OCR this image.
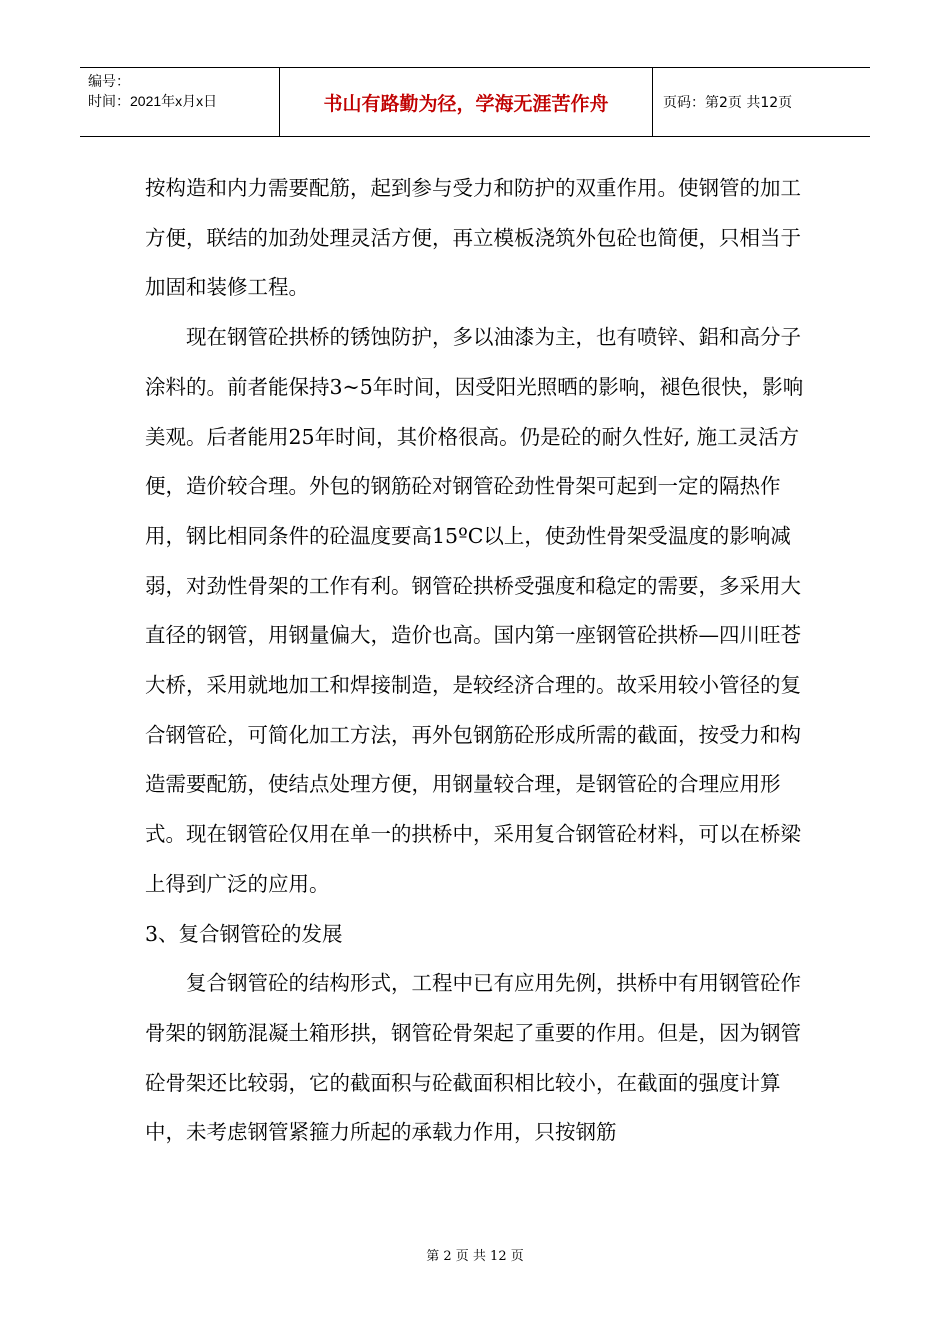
编号：
时间：2021年x月x日	书山有路勤为径，学海无涯苦作舟	页码：第2页 共12页

按构造和内力需要配筋，起到参与受力和防护的双重作用。使钢管的加工方便，联结的加劲处理灵活方便，再立模板浇筑外包砼也简便，只相当于加固和装修工程。

现在钢管砼拱桥的锈蚀防护，多以油漆为主，也有喷锌、鋁和高分子涂料的。前者能保持3~5年时间，因受阳光照晒的影响，褪色很快，影响美观。后者能用25年时间，其价格很高。仍是砼的耐久性好, 施工灵活方便，造价较合理。外包的钢筋砼对钢管砼劲性骨架可起到一定的隔热作用，钢比相同条件的砼温度要高15ºC以上，使劲性骨架受温度的影响减弱，对劲性骨架的工作有利。钢管砼拱桥受强度和稳定的需要，多采用大直径的钢管，用钢量偏大，造价也高。国内第一座钢管砼拱桥—四川旺苍大桥，采用就地加工和焊接制造，是较经济合理的。故采用较小管径的复合钢管砼，可简化加工方法，再外包钢筋砼形成所需的截面，按受力和构造需要配筋，使结点处理方便，用钢量较合理，是钢管砼的合理应用形式。现在钢管砼仅用在单一的拱桥中，采用复合钢管砼材料，可以在桥梁上得到广泛的应用。

3、复合钢管砼的发展

复合钢管砼的结构形式，工程中已有应用先例，拱桥中有用钢管砼作骨架的钢筋混凝土箱形拱，钢管砼骨架起了重要的作用。但是，因为钢管砼骨架还比较弱，它的截面积与砼截面积相比较小，在截面的强度计算中，未考虑钢管紧箍力所起的承载力作用，只按钢筋

第 2 页 共 12 页
